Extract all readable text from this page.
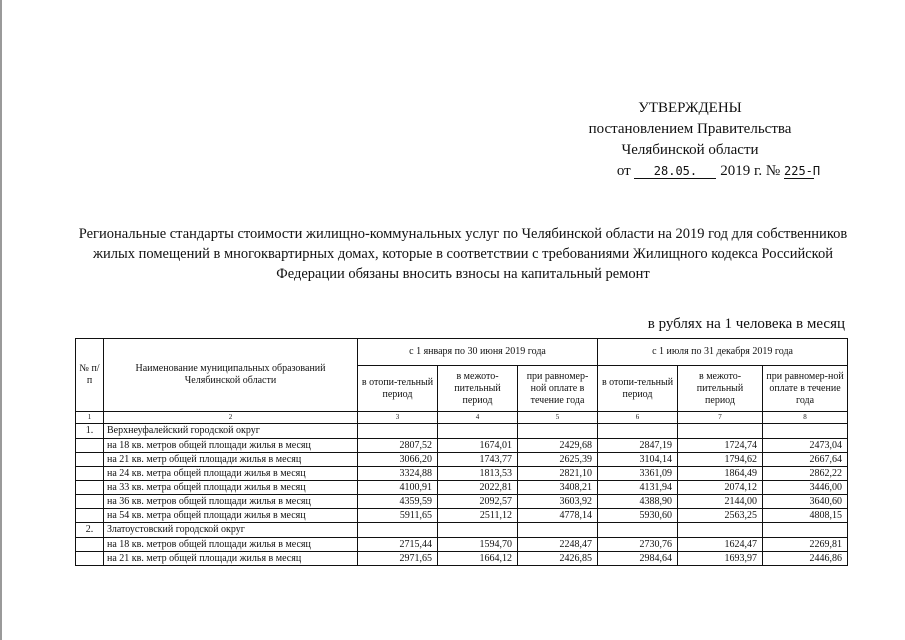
УТВЕРЖДЕНЫ
постановлением Правительства
Челябинской области
от 28.05. 2019 г. № 225-П
Региональные стандарты стоимости жилищно-коммунальных услуг по Челябинской области на 2019 год для собственников жилых помещений в многоквартирных домах, которые в соответствии с требованиями Жилищного кодекса Российской Федерации обязаны вносить взносы на капитальный ремонт
в рублях на 1 человека в месяц
№ п/п	Наименование муниципальных образований Челябинской области	с 1 января по 30 июня 2019 года			с 1 июля по 31 декабря 2019 года		
		в отопи-тельный период	в межото-пительный период	при равномер-ной оплате в течение года	в отопи-тельный период	в межото-пительный период	при равномер-ной оплате в течение года
1	2	3	4	5	6	7	8
1.	Верхнеуфалейский городской округ						
	на 18 кв. метров общей площади жилья в месяц	2807,52	1674,01	2429,68	2847,19	1724,74	2473,04
	на 21 кв. метр общей площади жилья в месяц	3066,20	1743,77	2625,39	3104,14	1794,62	2667,64
	на 24 кв. метра общей площади жилья в месяц	3324,88	1813,53	2821,10	3361,09	1864,49	2862,22
	на 33 кв. метра общей площади жилья в месяц	4100,91	2022,81	3408,21	4131,94	2074,12	3446,00
	на 36 кв. метров общей площади жилья в месяц	4359,59	2092,57	3603,92	4388,90	2144,00	3640,60
	на 54 кв. метра общей площади жилья в месяц	5911,65	2511,12	4778,14	5930,60	2563,25	4808,15
2.	Златоустовский городской округ						
	на 18 кв. метров общей площади жилья в месяц	2715,44	1594,70	2248,47	2730,76	1624,47	2269,81
	на 21 кв. метр общей площади жилья в месяц	2971,65	1664,12	2426,85	2984,64	1693,97	2446,86
